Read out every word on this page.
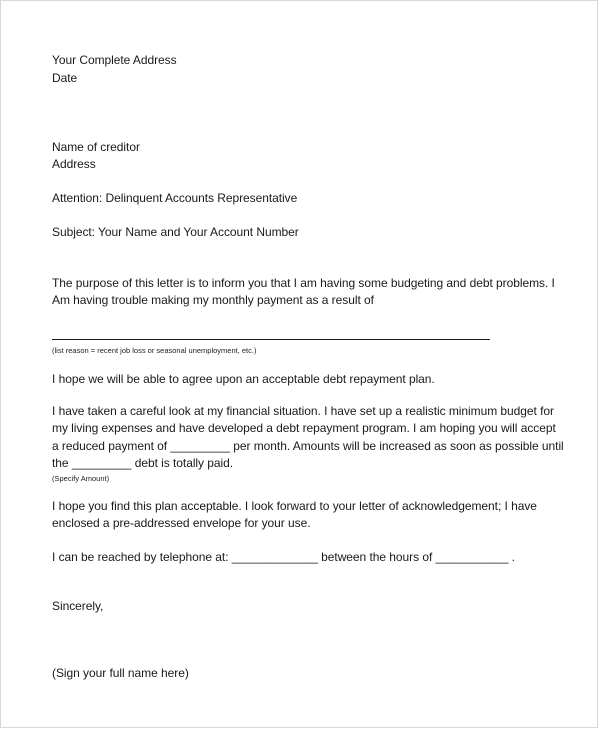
Your Complete Address
Date
Name of creditor
Address
Attention: Delinquent Accounts Representative
Subject: Your Name and Your Account Number
The purpose of this letter is to inform you that I am having some budgeting and debt problems. I
Am having trouble making my monthly payment as a result of
(list reason = recent job loss or seasonal unemployment, etc.)
I hope we will be able to agree upon an acceptable debt repayment plan.
I have taken a careful look at my financial situation. I have set up a realistic minimum budget for
my living expenses and have developed a debt repayment program. I am hoping you will accept
a reduced payment of _________ per month. Amounts will be increased as soon as possible until
the _________ debt is totally paid.
(Specify Amount)
I hope you find this plan acceptable. I look forward to your letter of acknowledgement; I have
enclosed a pre-addressed envelope for your use.
I can be reached by telephone at: _____________ between the hours of ___________ .
Sincerely,
(Sign your full name here)
